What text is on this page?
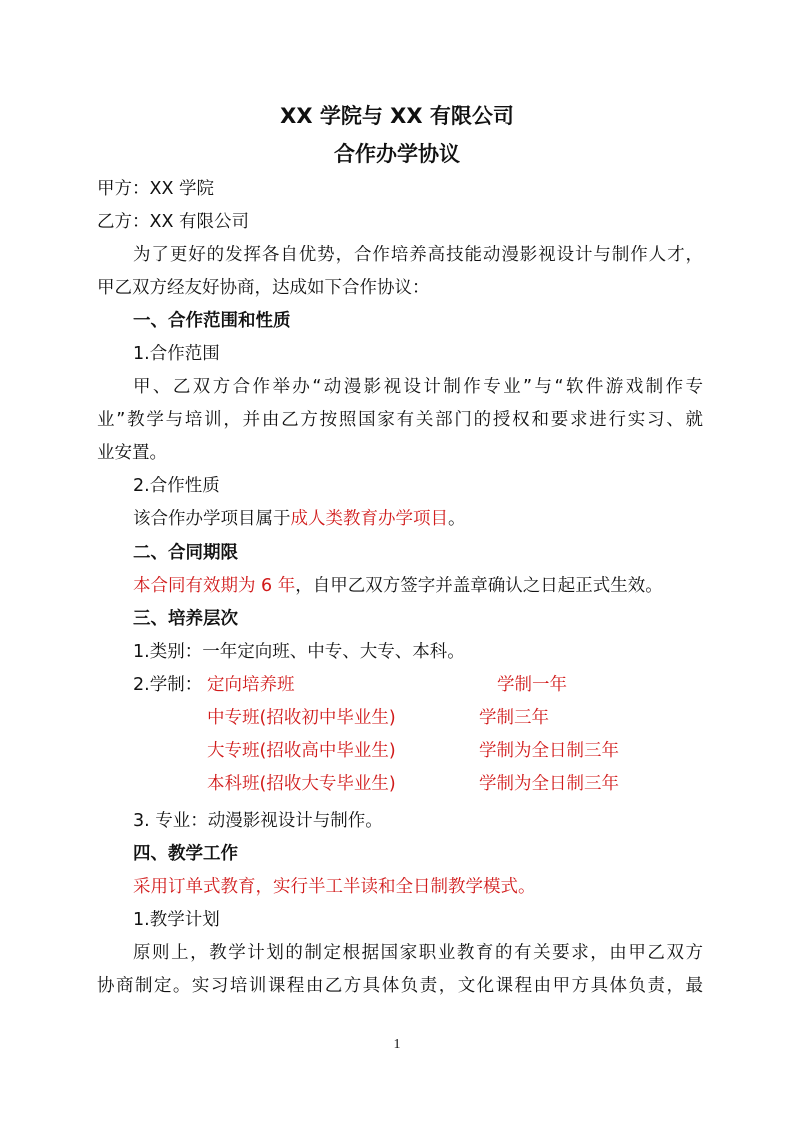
XX 学院与 XX 有限公司
合作办学协议
甲方：XX 学院
乙方：XX 有限公司
为了更好的发挥各自优势，合作培养高技能动漫影视设计与制作人才，
甲乙双方经友好协商，达成如下合作协议：
一、合作范围和性质
1.合作范围
甲、乙双方合作举办“动漫影视设计制作专业”与“软件游戏制作专
业”教学与培训，并由乙方按照国家有关部门的授权和要求进行实习、就
业安置。
2.合作性质
该合作办学项目属于成人类教育办学项目。
二、合同期限
本合同有效期为 6 年，自甲乙双方签字并盖章确认之日起正式生效。
三、培养层次
1.类别：一年定向班、中专、大专、本科。
2.学制： 定向培养班	学制一年
中专班(招收初中毕业生)	学制三年
大专班(招收高中毕业生)	学制为全日制三年
本科班(招收大专毕业生)	学制为全日制三年
3. 专业：动漫影视设计与制作。
四、教学工作
采用订单式教育，实行半工半读和全日制教学模式。
1.教学计划
原则上，教学计划的制定根据国家职业教育的有关要求，由甲乙双方
协商制定。实习培训课程由乙方具体负责，文化课程由甲方具体负责，最
1
